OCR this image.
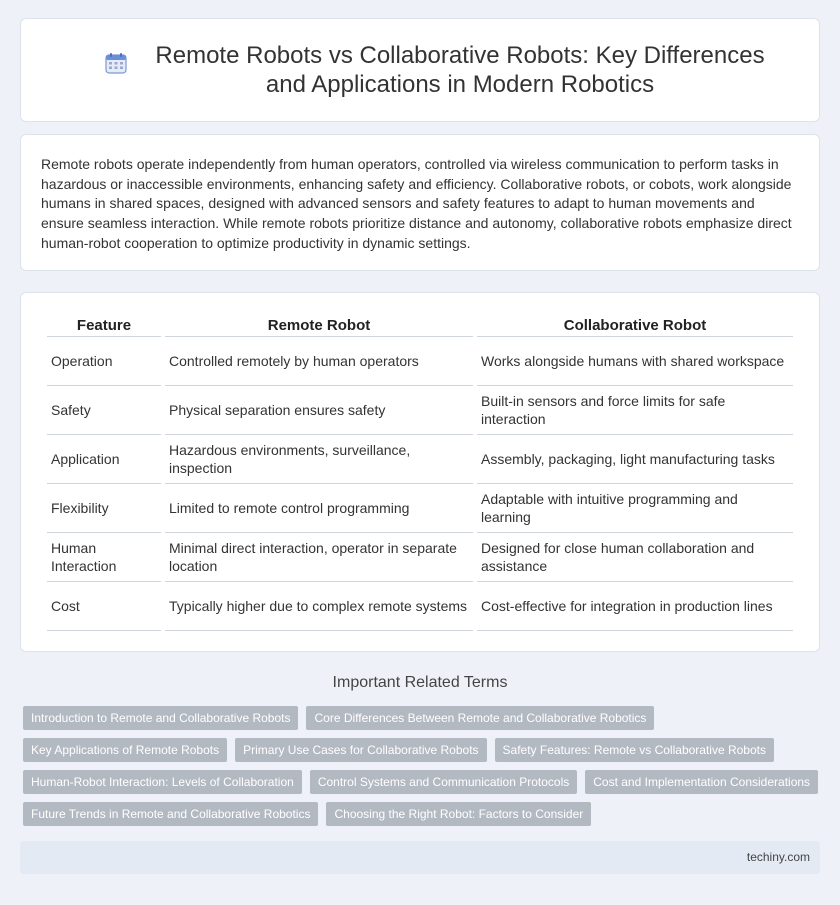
Remote Robots vs Collaborative Robots: Key Differences and Applications in Modern Robotics

Remote robots operate independently from human operators, controlled via wireless communication to perform tasks in hazardous or inaccessible environments, enhancing safety and efficiency. Collaborative robots, or cobots, work alongside humans in shared spaces, designed with advanced sensors and safety features to adapt to human movements and ensure seamless interaction. While remote robots prioritize distance and autonomy, collaborative robots emphasize direct human-robot cooperation to optimize productivity in dynamic settings.

Feature	Remote Robot	Collaborative Robot
Operation	Controlled remotely by human operators	Works alongside humans with shared workspace
Safety	Physical separation ensures safety	Built-in sensors and force limits for safe interaction
Application	Hazardous environments, surveillance, inspection	Assembly, packaging, light manufacturing tasks
Flexibility	Limited to remote control programming	Adaptable with intuitive programming and learning
Human Interaction	Minimal direct interaction, operator in separate location	Designed for close human collaboration and assistance
Cost	Typically higher due to complex remote systems	Cost-effective for integration in production lines
Important Related Terms
Introduction to Remote and Collaborative Robots	Core Differences Between Remote and Collaborative Robotics
Key Applications of Remote Robots	Primary Use Cases for Collaborative Robots	Safety Features: Remote vs Collaborative Robots
Human-Robot Interaction: Levels of Collaboration	Control Systems and Communication Protocols	Cost and Implementation Considerations
Future Trends in Remote and Collaborative Robotics	Choosing the Right Robot: Factors to Consider
techiny.com
